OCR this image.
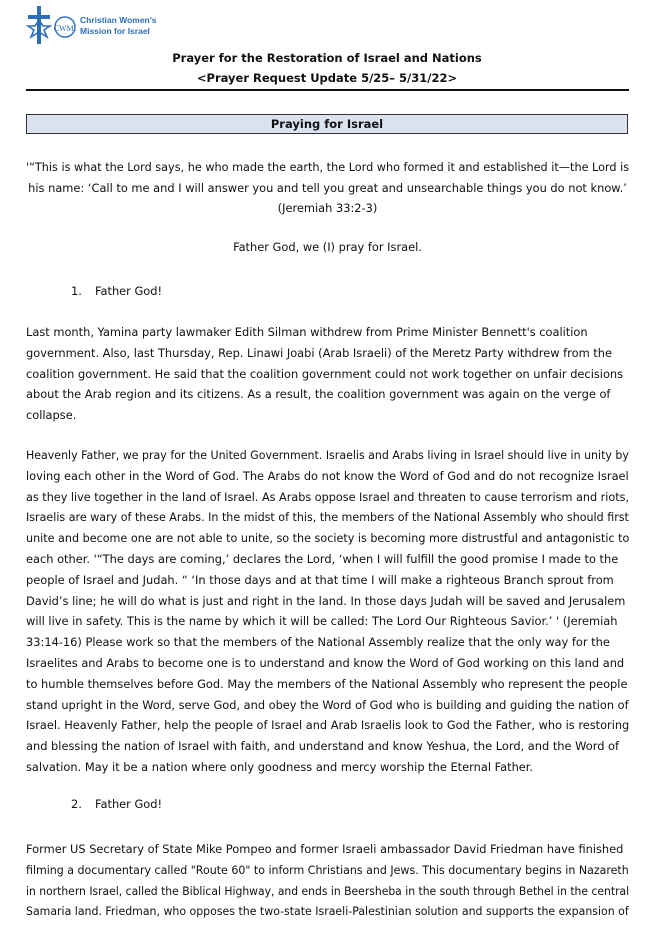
CWMI
Christian Women's
Mission for Israel
Prayer for the Restoration of Israel and Nations
<Prayer Request Update 5/25– 5/31/22>
Praying for Israel
'“This is what the Lord says, he who made the earth, the Lord who formed it and established it—the Lord is
his name: ‘Call to me and I will answer you and tell you great and unsearchable things you do not know.’
(Jeremiah 33:2-3)
Father God, we (I) pray for Israel.
1. Father God!
Last month, Yamina party lawmaker Edith Silman withdrew from Prime Minister Bennett's coalition
government. Also, last Thursday, Rep. Linawi Joabi (Arab Israeli) of the Meretz Party withdrew from the
coalition government. He said that the coalition government could not work together on unfair decisions
about the Arab region and its citizens. As a result, the coalition government was again on the verge of
collapse.
Heavenly Father, we pray for the United Government. Israelis and Arabs living in Israel should live in unity by
loving each other in the Word of God. The Arabs do not know the Word of God and do not recognize Israel
as they live together in the land of Israel. As Arabs oppose Israel and threaten to cause terrorism and riots,
Israelis are wary of these Arabs. In the midst of this, the members of the National Assembly who should first
unite and become one are not able to unite, so the society is becoming more distrustful and antagonistic to
each other. '“The days are coming,’ declares the Lord, ‘when I will fulfill the good promise I made to the
people of Israel and Judah. “ ‘In those days and at that time I will make a righteous Branch sprout from
David’s line; he will do what is just and right in the land. In those days Judah will be saved and Jerusalem
will live in safety. This is the name by which it will be called: The Lord Our Righteous Savior.’ ' (Jeremiah
33:14-16) Please work so that the members of the National Assembly realize that the only way for the
Israelites and Arabs to become one is to understand and know the Word of God working on this land and
to humble themselves before God. May the members of the National Assembly who represent the people
stand upright in the Word, serve God, and obey the Word of God who is building and guiding the nation of
Israel. Heavenly Father, help the people of Israel and Arab Israelis look to God the Father, who is restoring
and blessing the nation of Israel with faith, and understand and know Yeshua, the Lord, and the Word of
salvation. May it be a nation where only goodness and mercy worship the Eternal Father.
2. Father God!
Former US Secretary of State Mike Pompeo and former Israeli ambassador David Friedman have finished
filming a documentary called "Route 60" to inform Christians and Jews. This documentary begins in Nazareth
in northern Israel, called the Biblical Highway, and ends in Beersheba in the south through Bethel in the central
Samaria land. Friedman, who opposes the two-state Israeli-Palestinian solution and supports the expansion of
